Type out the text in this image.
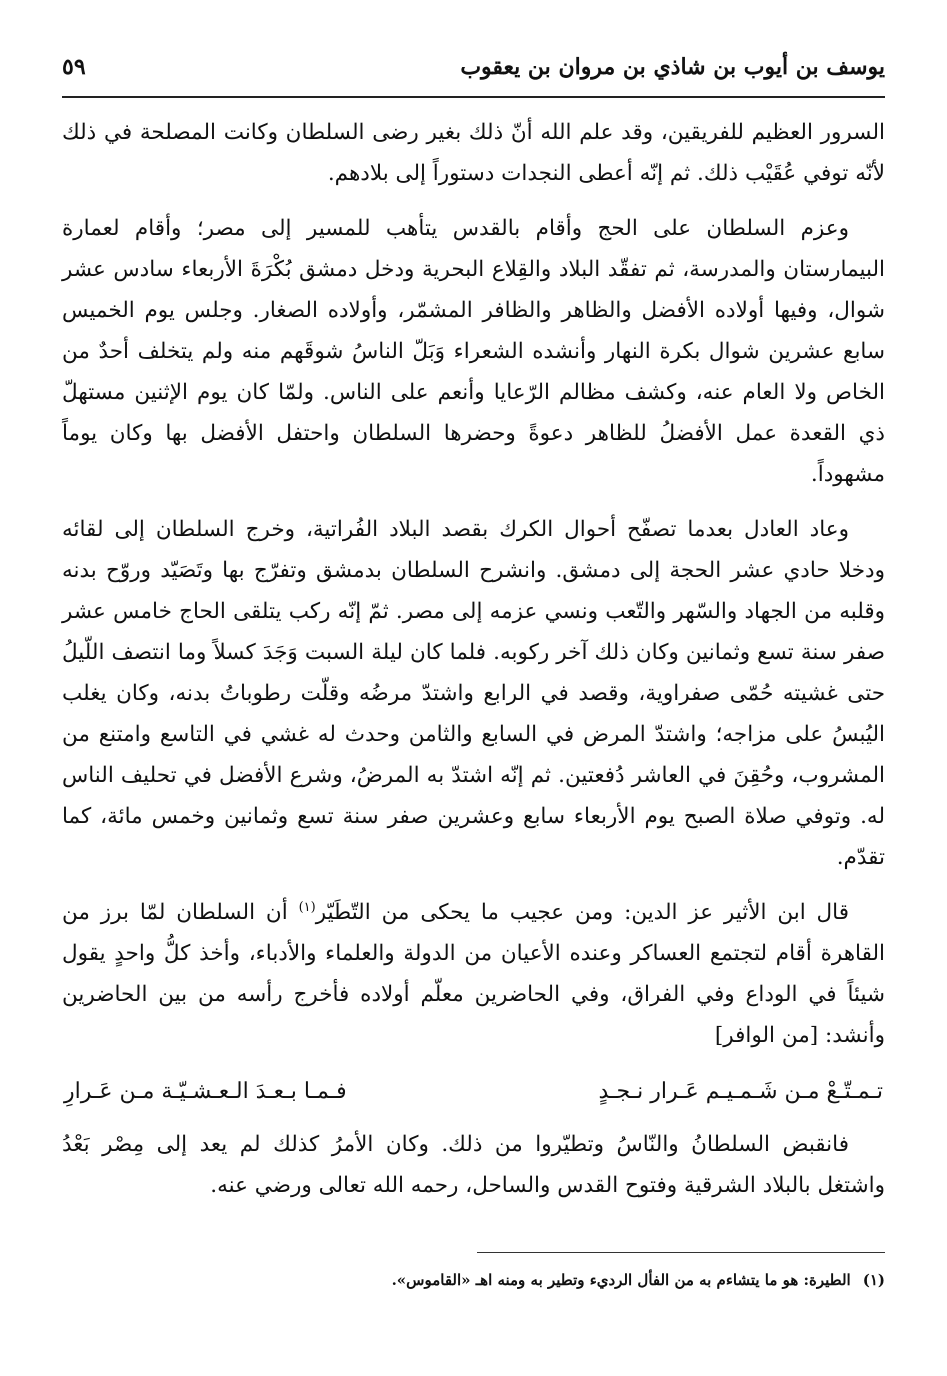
يوسف بن أيوب بن شاذي بن مروان بن يعقوب
٥٩

السرور العظيم للفريقين، وقد علم الله أنّ ذلك بغير رضى السلطان وكانت المصلحة في ذلك لأنّه توفي عُقَيْب ذلك. ثم إنّه أعطى النجدات دستوراً إلى بلادهم.

وعزم السلطان على الحج وأقام بالقدس يتأهب للمسير إلى مصر؛ وأقام لعمارة البيمارستان والمدرسة، ثم تفقّد البلاد والقِلاع البحرية ودخل دمشق بُكْرَةَ الأربعاء سادس عشر شوال، وفيها أولاده الأفضل والظاهر والظافر المشمّر، وأولاده الصغار. وجلس يوم الخميس سابع عشرين شوال بكرة النهار وأنشده الشعراء وَبَلّ الناسُ شوقَهم منه ولم يتخلف أحدٌ من الخاص ولا العام عنه، وكشف مظالم الرّعايا وأنعم على الناس. ولمّا كان يوم الإثنين مستهلّ ذي القعدة عمل الأفضلُ للظاهر دعوةً وحضرها السلطان واحتفل الأفضل بها وكان يوماً مشهوداً.

وعاد العادل بعدما تصفّح أحوال الكرك بقصد البلاد الفُراتية، وخرج السلطان إلى لقائه ودخلا حادي عشر الحجة إلى دمشق. وانشرح السلطان بدمشق وتفرّج بها وتَصَيّد وروّح بدنه وقلبه من الجهاد والسّهر والتّعب ونسي عزمه إلى مصر. ثمّ إنّه ركب يتلقى الحاج خامس عشر صفر سنة تسع وثمانين وكان ذلك آخر ركوبه. فلما كان ليلة السبت وَجَدَ كسلاً وما انتصف اللّيلُ حتى غشيته حُمّى صفراوية، وقصد في الرابع واشتدّ مرضُه وقلّت رطوباتُ بدنه، وكان يغلب اليُبسُ على مزاجه؛ واشتدّ المرض في السابع والثامن وحدث له غشي في التاسع وامتنع من المشروب، وحُقِنَ في العاشر دُفعتين. ثم إنّه اشتدّ به المرضُ، وشرع الأفضل في تحليف الناس له. وتوفي صلاة الصبح يوم الأربعاء سابع وعشرين صفر سنة تسع وثمانين وخمس مائة، كما تقدّم.

قال ابن الأثير عز الدين: ومن عجيب ما يحكى من التّطَيّر$^{(١)}$ أن السلطان لمّا برز من القاهرة أقام لتجتمع العساكر وعنده الأعيان من الدولة والعلماء والأدباء، وأخذ كلُّ واحدٍ يقول شيئاً في الوداع وفي الفراق، وفي الحاضرين معلّم أولاده فأخرج رأسه من بين الحاضرين وأنشد: [من الوافر]

تـمـتّـعْ مـن شَـمـيـم عَـرار نـجـدٍ
فـمـا بـعـدَ الـعـشـيّـة مـن عَـرارِ

فانقبض السلطانُ والنّاسُ وتطيّروا من ذلك. وكان الأمرُ كذلك لم يعد إلى مِصْر بَعْدُ واشتغل بالبلاد الشرقية وفتوح القدس والساحل، رحمه الله تعالى ورضي عنه.

(١)الطيرة: هو ما يتشاءم به من الفأل الرديء وتطير به ومنه اهـ «القاموس».
